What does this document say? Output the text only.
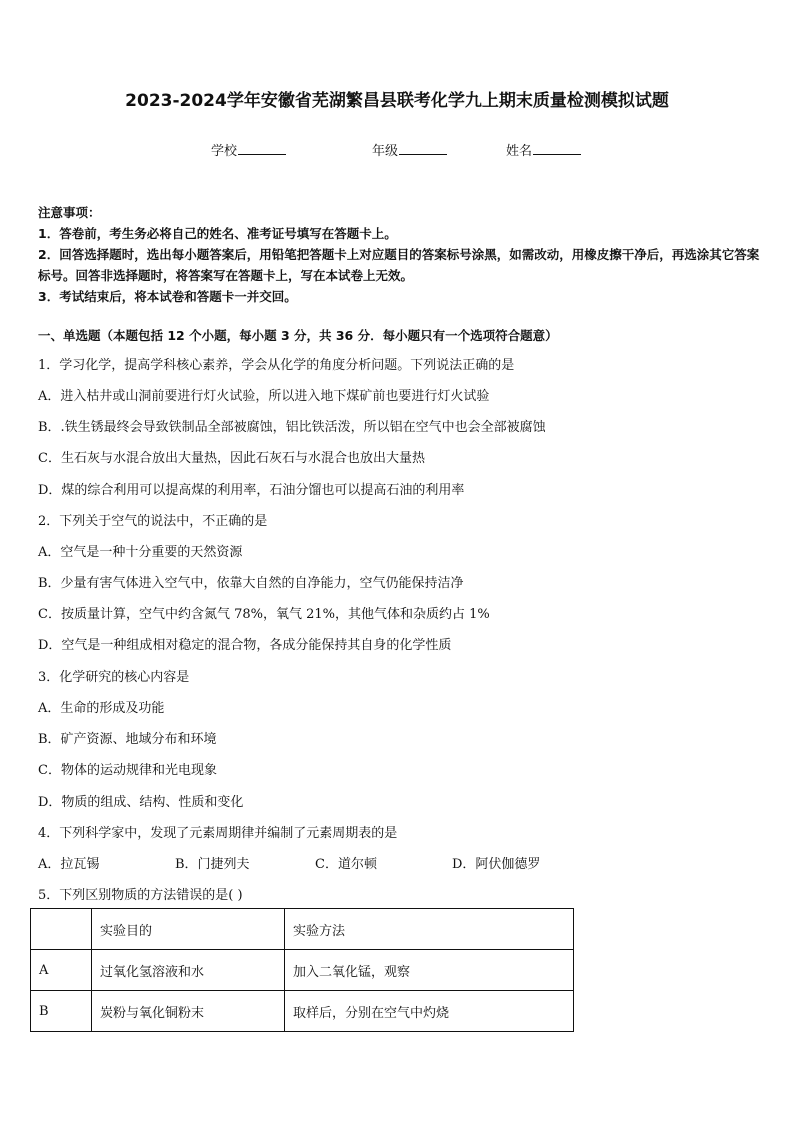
2023-2024学年安徽省芜湖繁昌县联考化学九上期末质量检测模拟试题
学校	年级	姓名
注意事项：
1．答卷前，考生务必将自己的姓名、准考证号填写在答题卡上。
2．回答选择题时，选出每小题答案后，用铅笔把答题卡上对应题目的答案标号涂黑，如需改动，用橡皮擦干净后，再选涂其它答案标号。回答非选择题时，将答案写在答题卡上，写在本试卷上无效。
3．考试结束后，将本试卷和答题卡一并交回。
一、单选题（本题包括 12 个小题，每小题 3 分，共 36 分．每小题只有一个选项符合题意）
1．学习化学，提高学科核心素养，学会从化学的角度分析问题。下列说法正确的是
A．进入枯井或山洞前要进行灯火试验，所以进入地下煤矿前也要进行灯火试验
B．.铁生锈最终会导致铁制品全部被腐蚀，铝比铁活泼，所以铝在空气中也会全部被腐蚀
C．生石灰与水混合放出大量热，因此石灰石与水混合也放出大量热
D．煤的综合利用可以提高煤的利用率，石油分馏也可以提高石油的利用率
2．下列关于空气的说法中，不正确的是
A．空气是一种十分重要的天然资源
B．少量有害气体进入空气中，依靠大自然的自净能力，空气仍能保持洁净
C．按质量计算，空气中约含氮气 78%，氧气 21%，其他气体和杂质约占 1%
D．空气是一种组成相对稳定的混合物，各成分能保持其自身的化学性质
3．化学研究的核心内容是
A．生命的形成及功能
B．矿产资源、地域分布和环境
C．物体的运动规律和光电现象
D．物质的组成、结构、性质和变化
4．下列科学家中，发现了元素周期律并编制了元素周期表的是
A．拉瓦锡	B．门捷列夫	C．道尔顿	D．阿伏伽德罗
5．下列区别物质的方法错误的是( )
	实验目的	实验方法
A	过氧化氢溶液和水	加入二氧化锰，观察
B	炭粉与氧化铜粉末	取样后，分别在空气中灼烧
